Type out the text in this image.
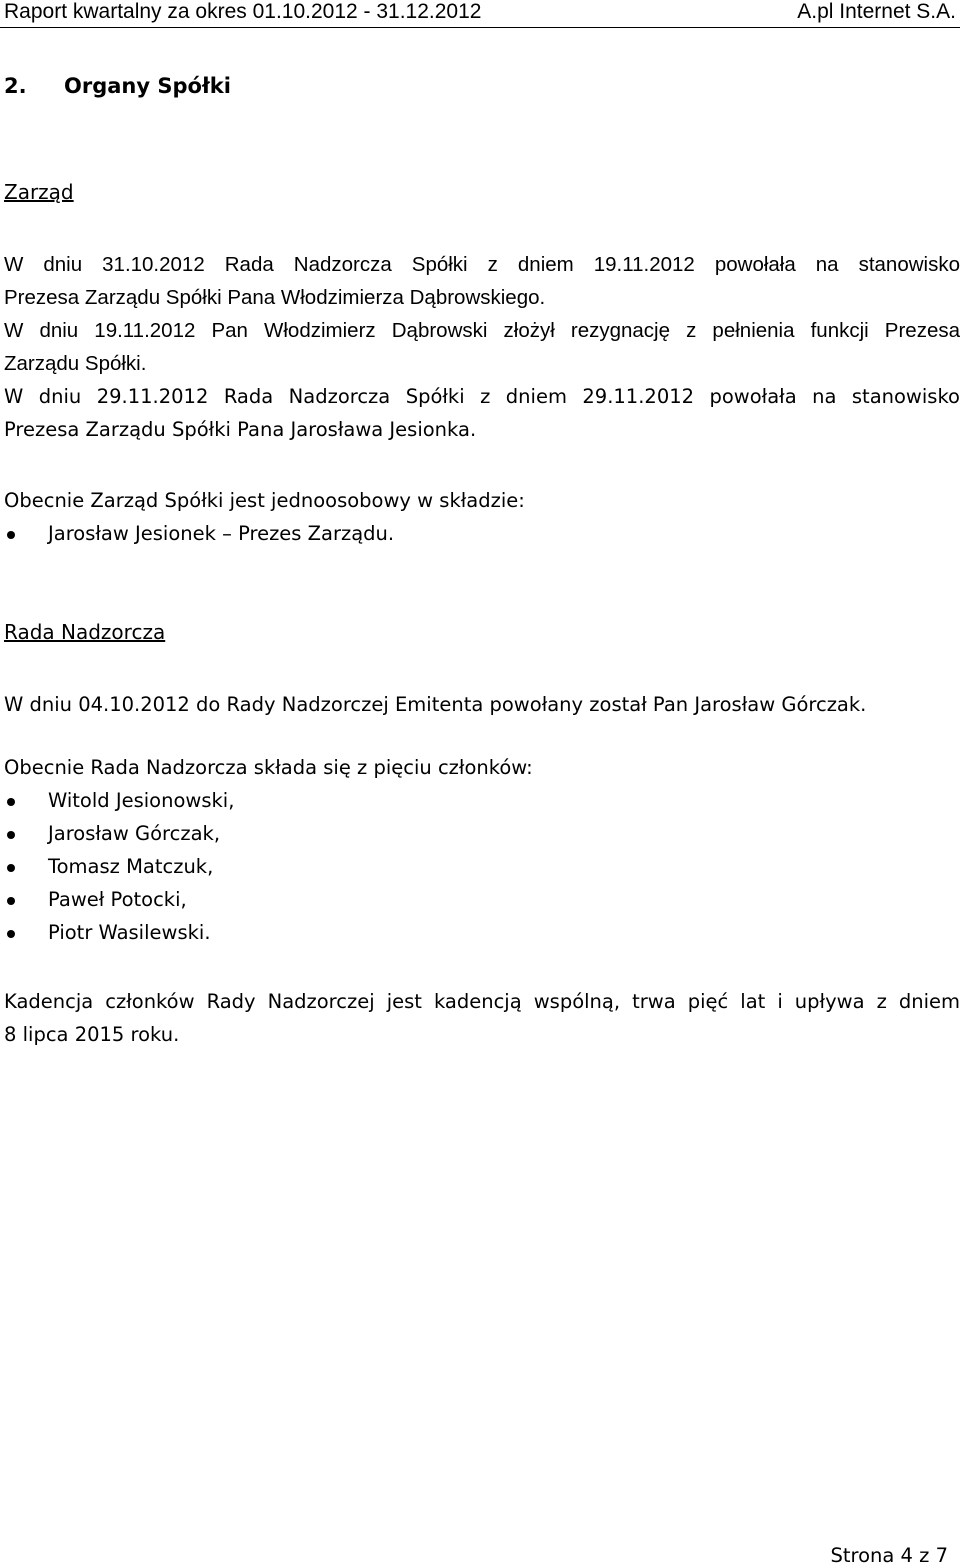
Raport kwartalny za okres 01.10.2012 - 31.12.2012	A.pl Internet S.A.
2. Organy Spółki
Zarząd
W dniu 31.10.2012 Rada Nadzorcza Spółki z dniem 19.11.2012 powołała na stanowisko
Prezesa Zarządu Spółki Pana Włodzimierza Dąbrowskiego.
W dniu 19.11.2012 Pan Włodzimierz Dąbrowski złożył rezygnację z pełnienia funkcji Prezesa
Zarządu Spółki.
W dniu 29.11.2012 Rada Nadzorcza Spółki z dniem 29.11.2012 powołała na stanowisko
Prezesa Zarządu Spółki Pana Jarosława Jesionka.
Obecnie Zarząd Spółki jest jednoosobowy w składzie:
Jarosław Jesionek – Prezes Zarządu.
Rada Nadzorcza
W dniu 04.10.2012 do Rady Nadzorczej Emitenta powołany został Pan Jarosław Górczak.
Obecnie Rada Nadzorcza składa się z pięciu członków:
Witold Jesionowski,
Jarosław Górczak,
Tomasz Matczuk,
Paweł Potocki,
Piotr Wasilewski.
Kadencja członków Rady Nadzorczej jest kadencją wspólną, trwa pięć lat i upływa z dniem
8 lipca 2015 roku.
Strona 4 z 7
